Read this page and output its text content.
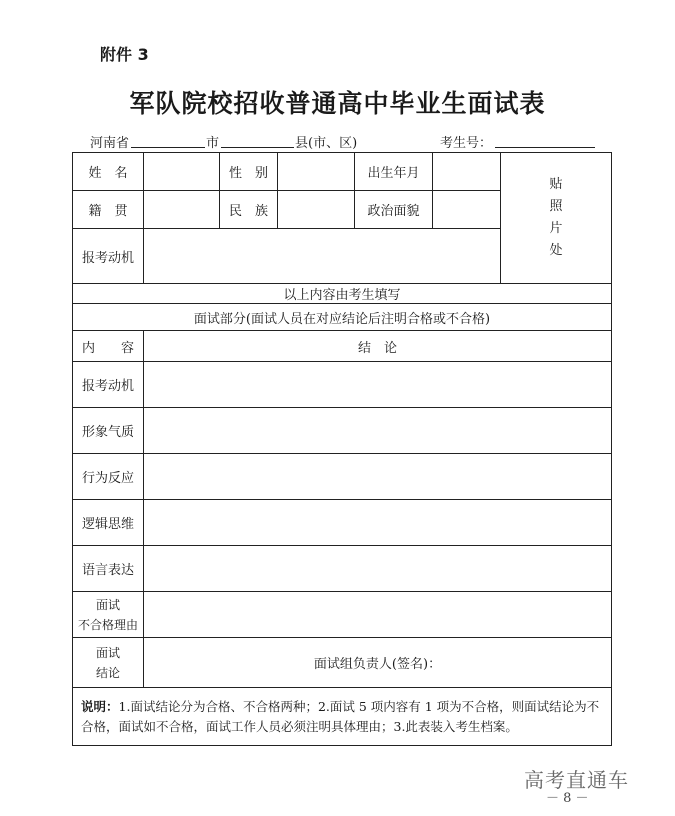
附件 3
军队院校招收普通高中毕业生面试表
河南省	市	县(市、区)	考生号：
姓　名		性　别		出生年月		贴
照
片
处

籍　贯		民　族		政治面貌		
报考动机						
以上内容由考生填写						
面试部分(面试人员在对应结论后注明合格或不合格)						
内　　容	结　论					
报考动机						
形象气质						
行为反应						
逻辑思维						
语言表达						

面试
不合格理由						

面试
结论	面试组负责人(签名)：					
说明：1.面试结论分为合格、不合格两种；2.面试 5 项内容有 1 项为不合格，则面试结论为不合格，面试如不合格，面试工作人员必须注明具体理由；3.此表装入考生档案。						
高考直通车
－ 8 －
